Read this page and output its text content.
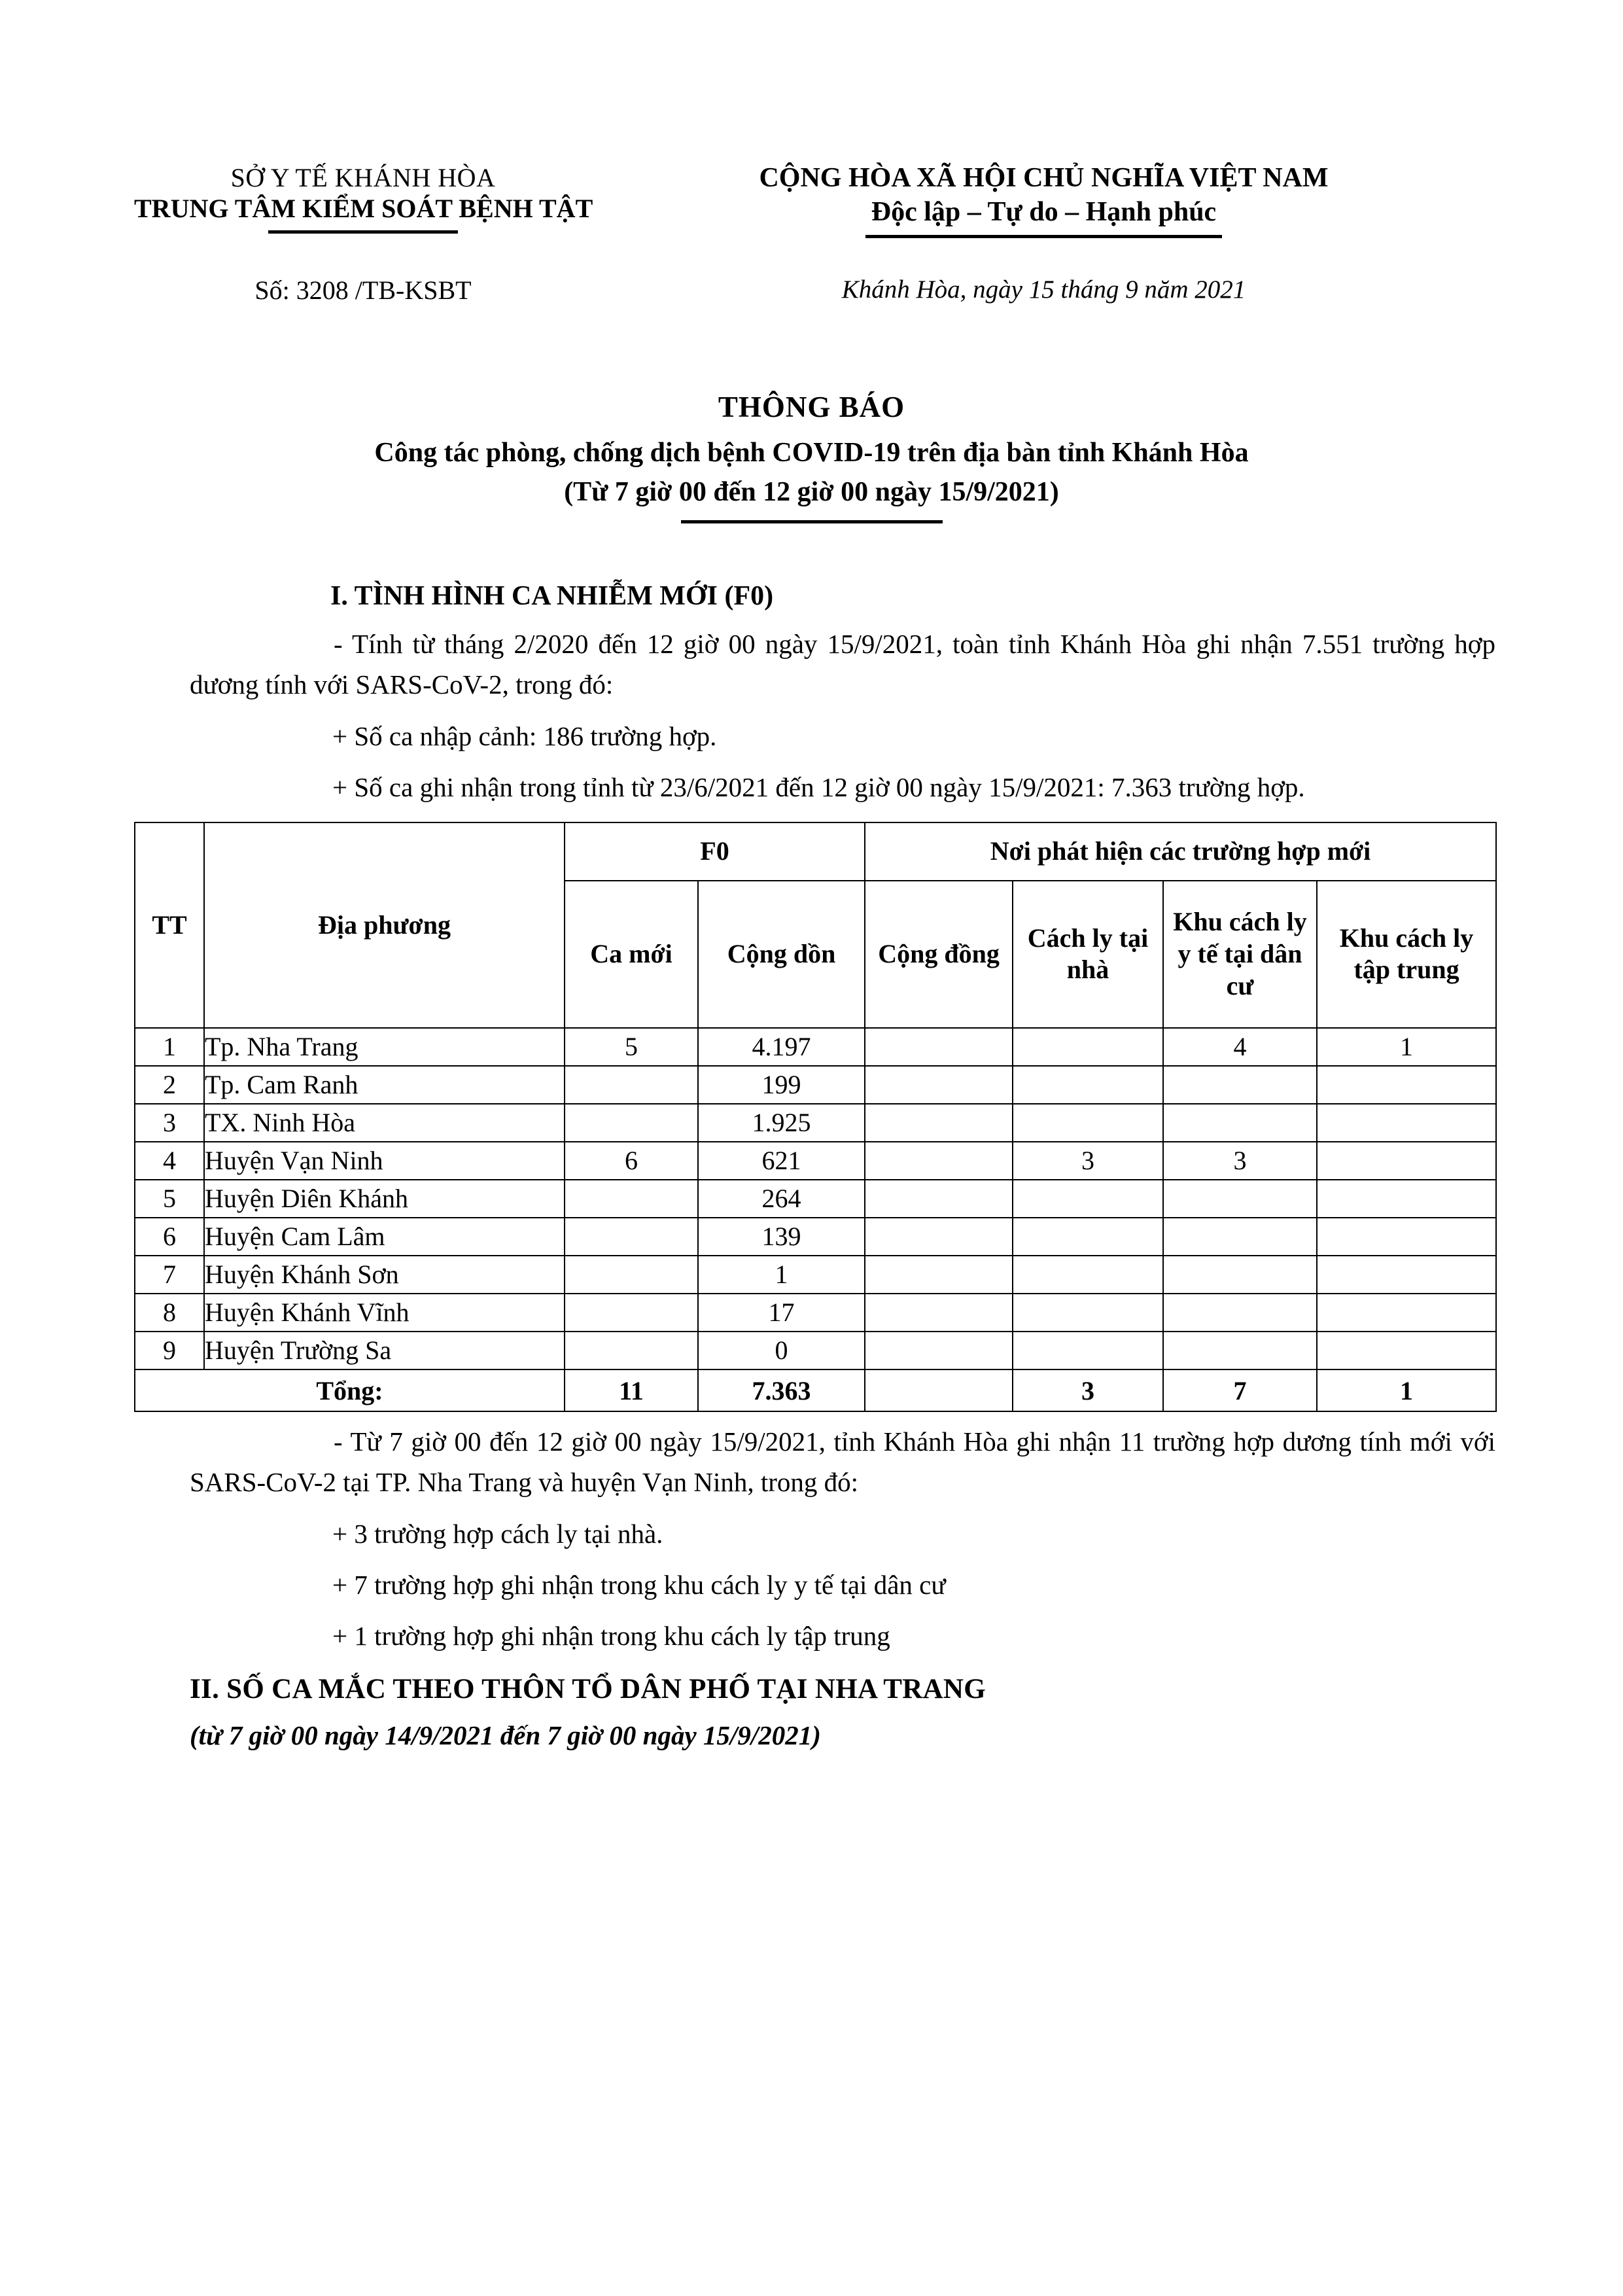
SỞ Y TẾ KHÁNH HÒA
TRUNG TÂM KIỂM SOÁT BỆNH TẬT
CỘNG HÒA XÃ HỘI CHỦ NGHĨA VIỆT NAM
Độc lập – Tự do – Hạnh phúc
Số: 3208 /TB-KSBT	Khánh Hòa, ngày 15 tháng 9 năm 2021
THÔNG BÁO
Công tác phòng, chống dịch bệnh COVID-19 trên địa bàn tỉnh Khánh Hòa
(Từ 7 giờ 00 đến 12 giờ 00 ngày 15/9/2021)
I. TÌNH HÌNH CA NHIỄM MỚI (F0)
- Tính từ tháng 2/2020 đến 12 giờ 00 ngày 15/9/2021, toàn tỉnh Khánh Hòa ghi nhận 7.551 trường hợp dương tính với SARS-CoV-2, trong đó:
+ Số ca nhập cảnh: 186 trường hợp.
+ Số ca ghi nhận trong tỉnh từ 23/6/2021 đến 12 giờ 00 ngày 15/9/2021: 7.363 trường hợp.
TT	Địa phương	F0		Nơi phát hiện các trường hợp mới			
		Ca mới	Cộng dồn	Cộng đồng	Cách ly tại nhà	Khu cách ly y tế tại dân cư	Khu cách ly tập trung
1	Tp. Nha Trang	5	4.197			4	1
2	Tp. Cam Ranh		199				
3	TX. Ninh Hòa		1.925				
4	Huyện Vạn Ninh	6	621		3	3	
5	Huyện Diên Khánh		264				
6	Huyện Cam Lâm		139				
7	Huyện Khánh Sơn		1				
8	Huyện Khánh Vĩnh		17				
9	Huyện Trường Sa		0				
Tổng:		11	7.363		3	7	1
- Từ 7 giờ 00 đến 12 giờ 00 ngày 15/9/2021, tỉnh Khánh Hòa ghi nhận 11 trường hợp dương tính mới với SARS-CoV-2 tại TP. Nha Trang và huyện Vạn Ninh, trong đó:
+ 3 trường hợp cách ly tại nhà.
+ 7 trường hợp ghi nhận trong khu cách ly y tế tại dân cư
+ 1 trường hợp ghi nhận trong khu cách ly tập trung
II. SỐ CA MẮC THEO THÔN TỔ DÂN PHỐ TẠI NHA TRANG
(từ 7 giờ 00 ngày 14/9/2021 đến 7 giờ 00 ngày 15/9/2021)
